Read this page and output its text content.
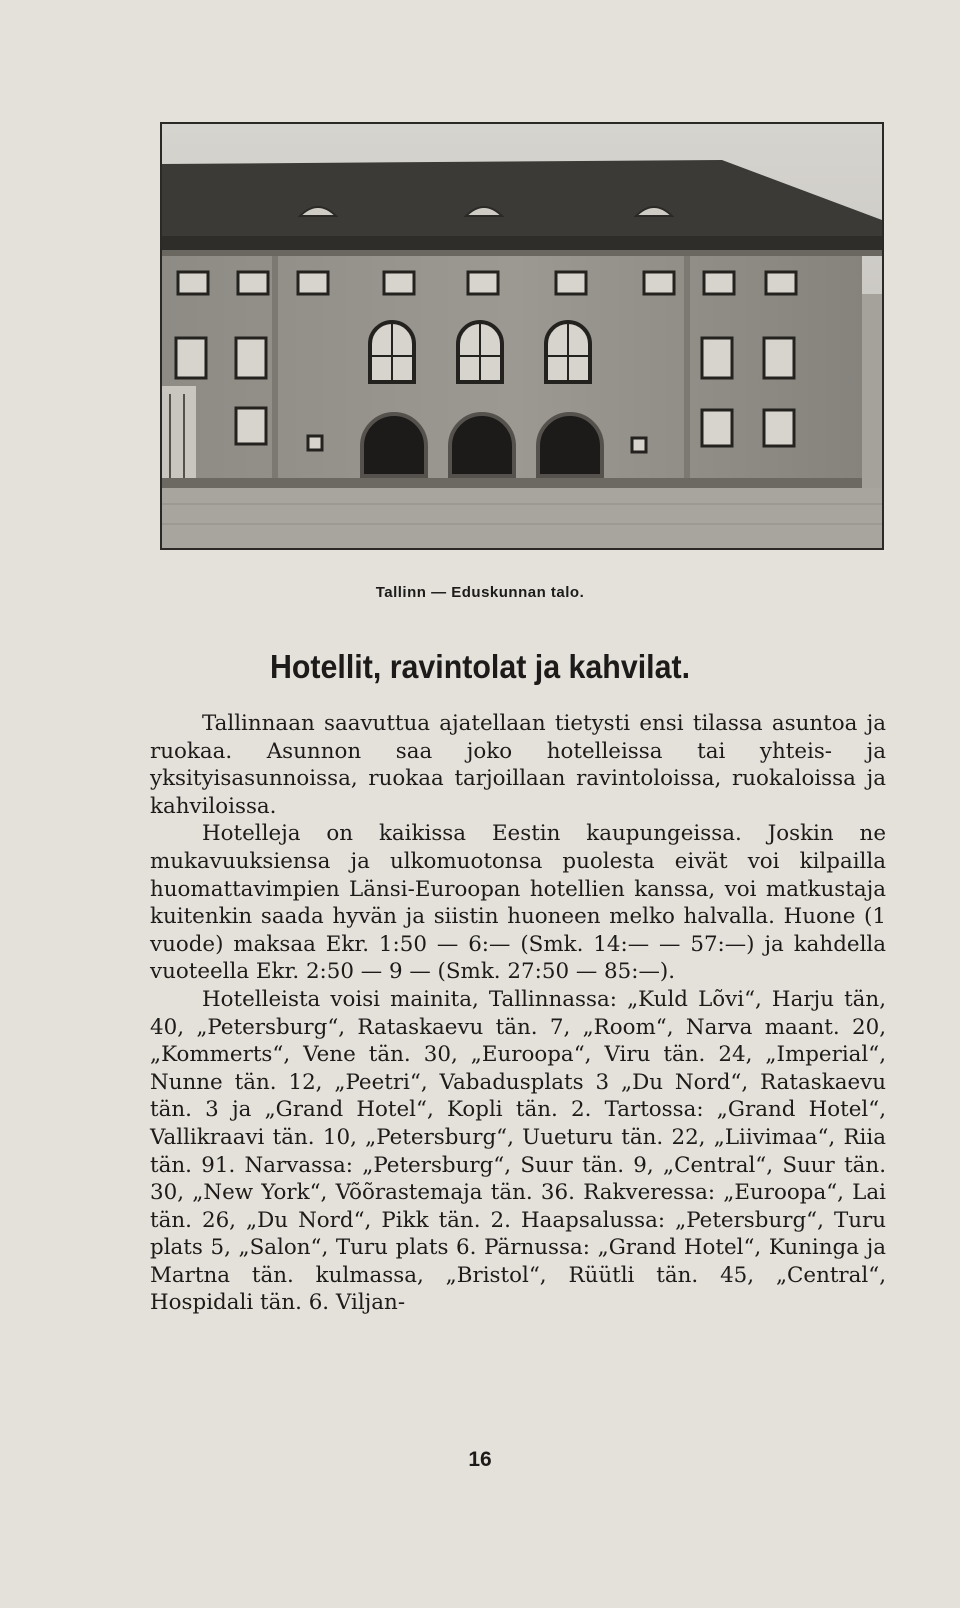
Tallinn — Eduskunnan talo.
Hotellit, ravintolat ja kahvilat.

Tallinnaan saavuttua ajatellaan tietysti ensi tilassa asuntoa ja ruokaa. Asunnon saa joko hotelleissa tai yhteis- ja yksityisasunnoissa, ruokaa tarjoillaan ravintoloissa, ruokaloissa ja kahviloissa.

Hotelleja on kaikissa Eestin kaupungeissa. Joskin ne mukavuuksiensa ja ulkomuotonsa puolesta eivät voi kilpailla huomattavimpien Länsi-Euroopan hotellien kanssa, voi matkustaja kuitenkin saada hyvän ja siistin huoneen melko halvalla. Huone (1 vuode) maksaa Ekr. 1:50 — 6:— (Smk. 14:— — 57:—) ja kahdella vuoteella Ekr. 2:50 — 9 — (Smk. 27:50 — 85:—).

Hotelleista voisi mainita, Tallinnassa: „Kuld Lõvi“, Harju tän, 40, „Petersburg“, Rataskaevu tän. 7, „Room“, Narva maant. 20, „Kommerts“, Vene tän. 30, „Euroopa“, Viru tän. 24, „Imperial“, Nunne tän. 12, „Peetri“, Vabadusplats 3 „Du Nord“, Rataskaevu tän. 3 ja „Grand Hotel“, Kopli tän. 2. Tartossa: „Grand Hotel“, Vallikraavi tän. 10, „Petersburg“, Uueturu tän. 22, „Liivimaa“, Riia tän. 91. Narvassa: „Petersburg“, Suur tän. 9, „Central“, Suur tän. 30, „New York“, Võõrastemaja tän. 36. Rakveressa: „Euroopa“, Lai tän. 26, „Du Nord“, Pikk tän. 2. Haapsalussa: „Petersburg“, Turu plats 5, „Salon“, Turu plats 6. Pärnussa: „Grand Hotel“, Kuninga ja Martna tän. kulmassa, „Bristol“, Rüütli tän. 45, „Central“, Hospidali tän. 6. Viljan-

16
